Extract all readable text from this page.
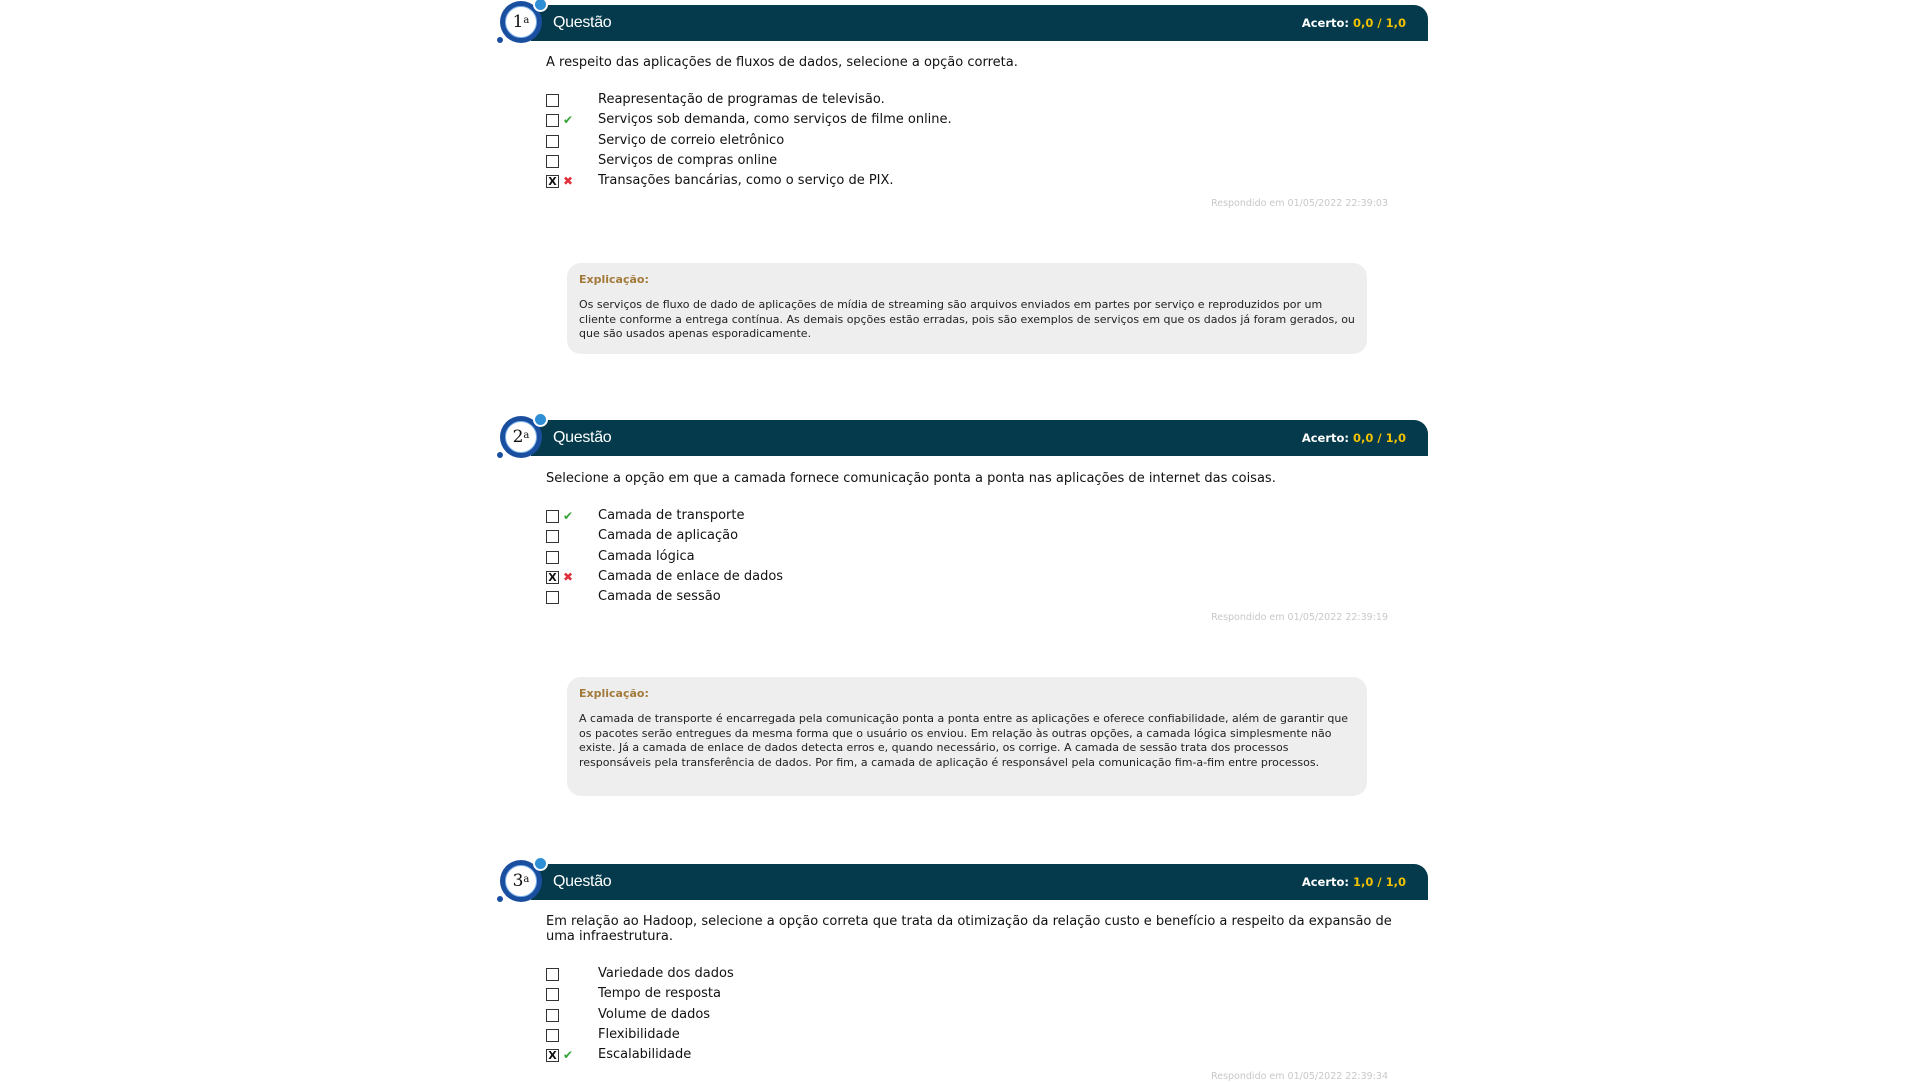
1$^a$ Questão	Acerto: 0,0 / 1,0
A respeito das aplicações de fluxos de dados, selecione a opção correta.
Reapresentação de programas de televisão.
✔	Serviços sob demanda, como serviços de filme online.
Serviço de correio eletrônico
Serviços de compras online
X ✖	Transações bancárias, como o serviço de PIX.
Respondido em 01/05/2022 22:39:03
Explicação:
Os serviços de fluxo de dado de aplicações de mídia de streaming são arquivos enviados em partes por serviço e reproduzidos por um cliente conforme a entrega contínua. As demais opções estão erradas, pois são exemplos de serviços em que os dados já foram gerados, ou que são usados apenas esporadicamente.
2$^a$ Questão	Acerto: 0,0 / 1,0
Selecione a opção em que a camada fornece comunicação ponta a ponta nas aplicações de internet das coisas.
✔	Camada de transporte
Camada de aplicação
Camada lógica
X ✖	Camada de enlace de dados
Camada de sessão
Respondido em 01/05/2022 22:39:19
Explicação:
A camada de transporte é encarregada pela comunicação ponta a ponta entre as aplicações e oferece confiabilidade, além de garantir que os pacotes serão entregues da mesma forma que o usuário os enviou. Em relação às outras opções, a camada lógica simplesmente não existe. Já a camada de enlace de dados detecta erros e, quando necessário, os corrige. A camada de sessão trata dos processos responsáveis pela transferência de dados. Por fim, a camada de aplicação é responsável pela comunicação fim-a-fim entre processos.
3$^a$ Questão	Acerto: 1,0 / 1,0
Em relação ao Hadoop, selecione a opção correta que trata da otimização da relação custo e benefício a respeito da expansão de uma infraestrutura.
Variedade dos dados
Tempo de resposta
Volume de dados
Flexibilidade
X ✔	Escalabilidade
Respondido em 01/05/2022 22:39:34
